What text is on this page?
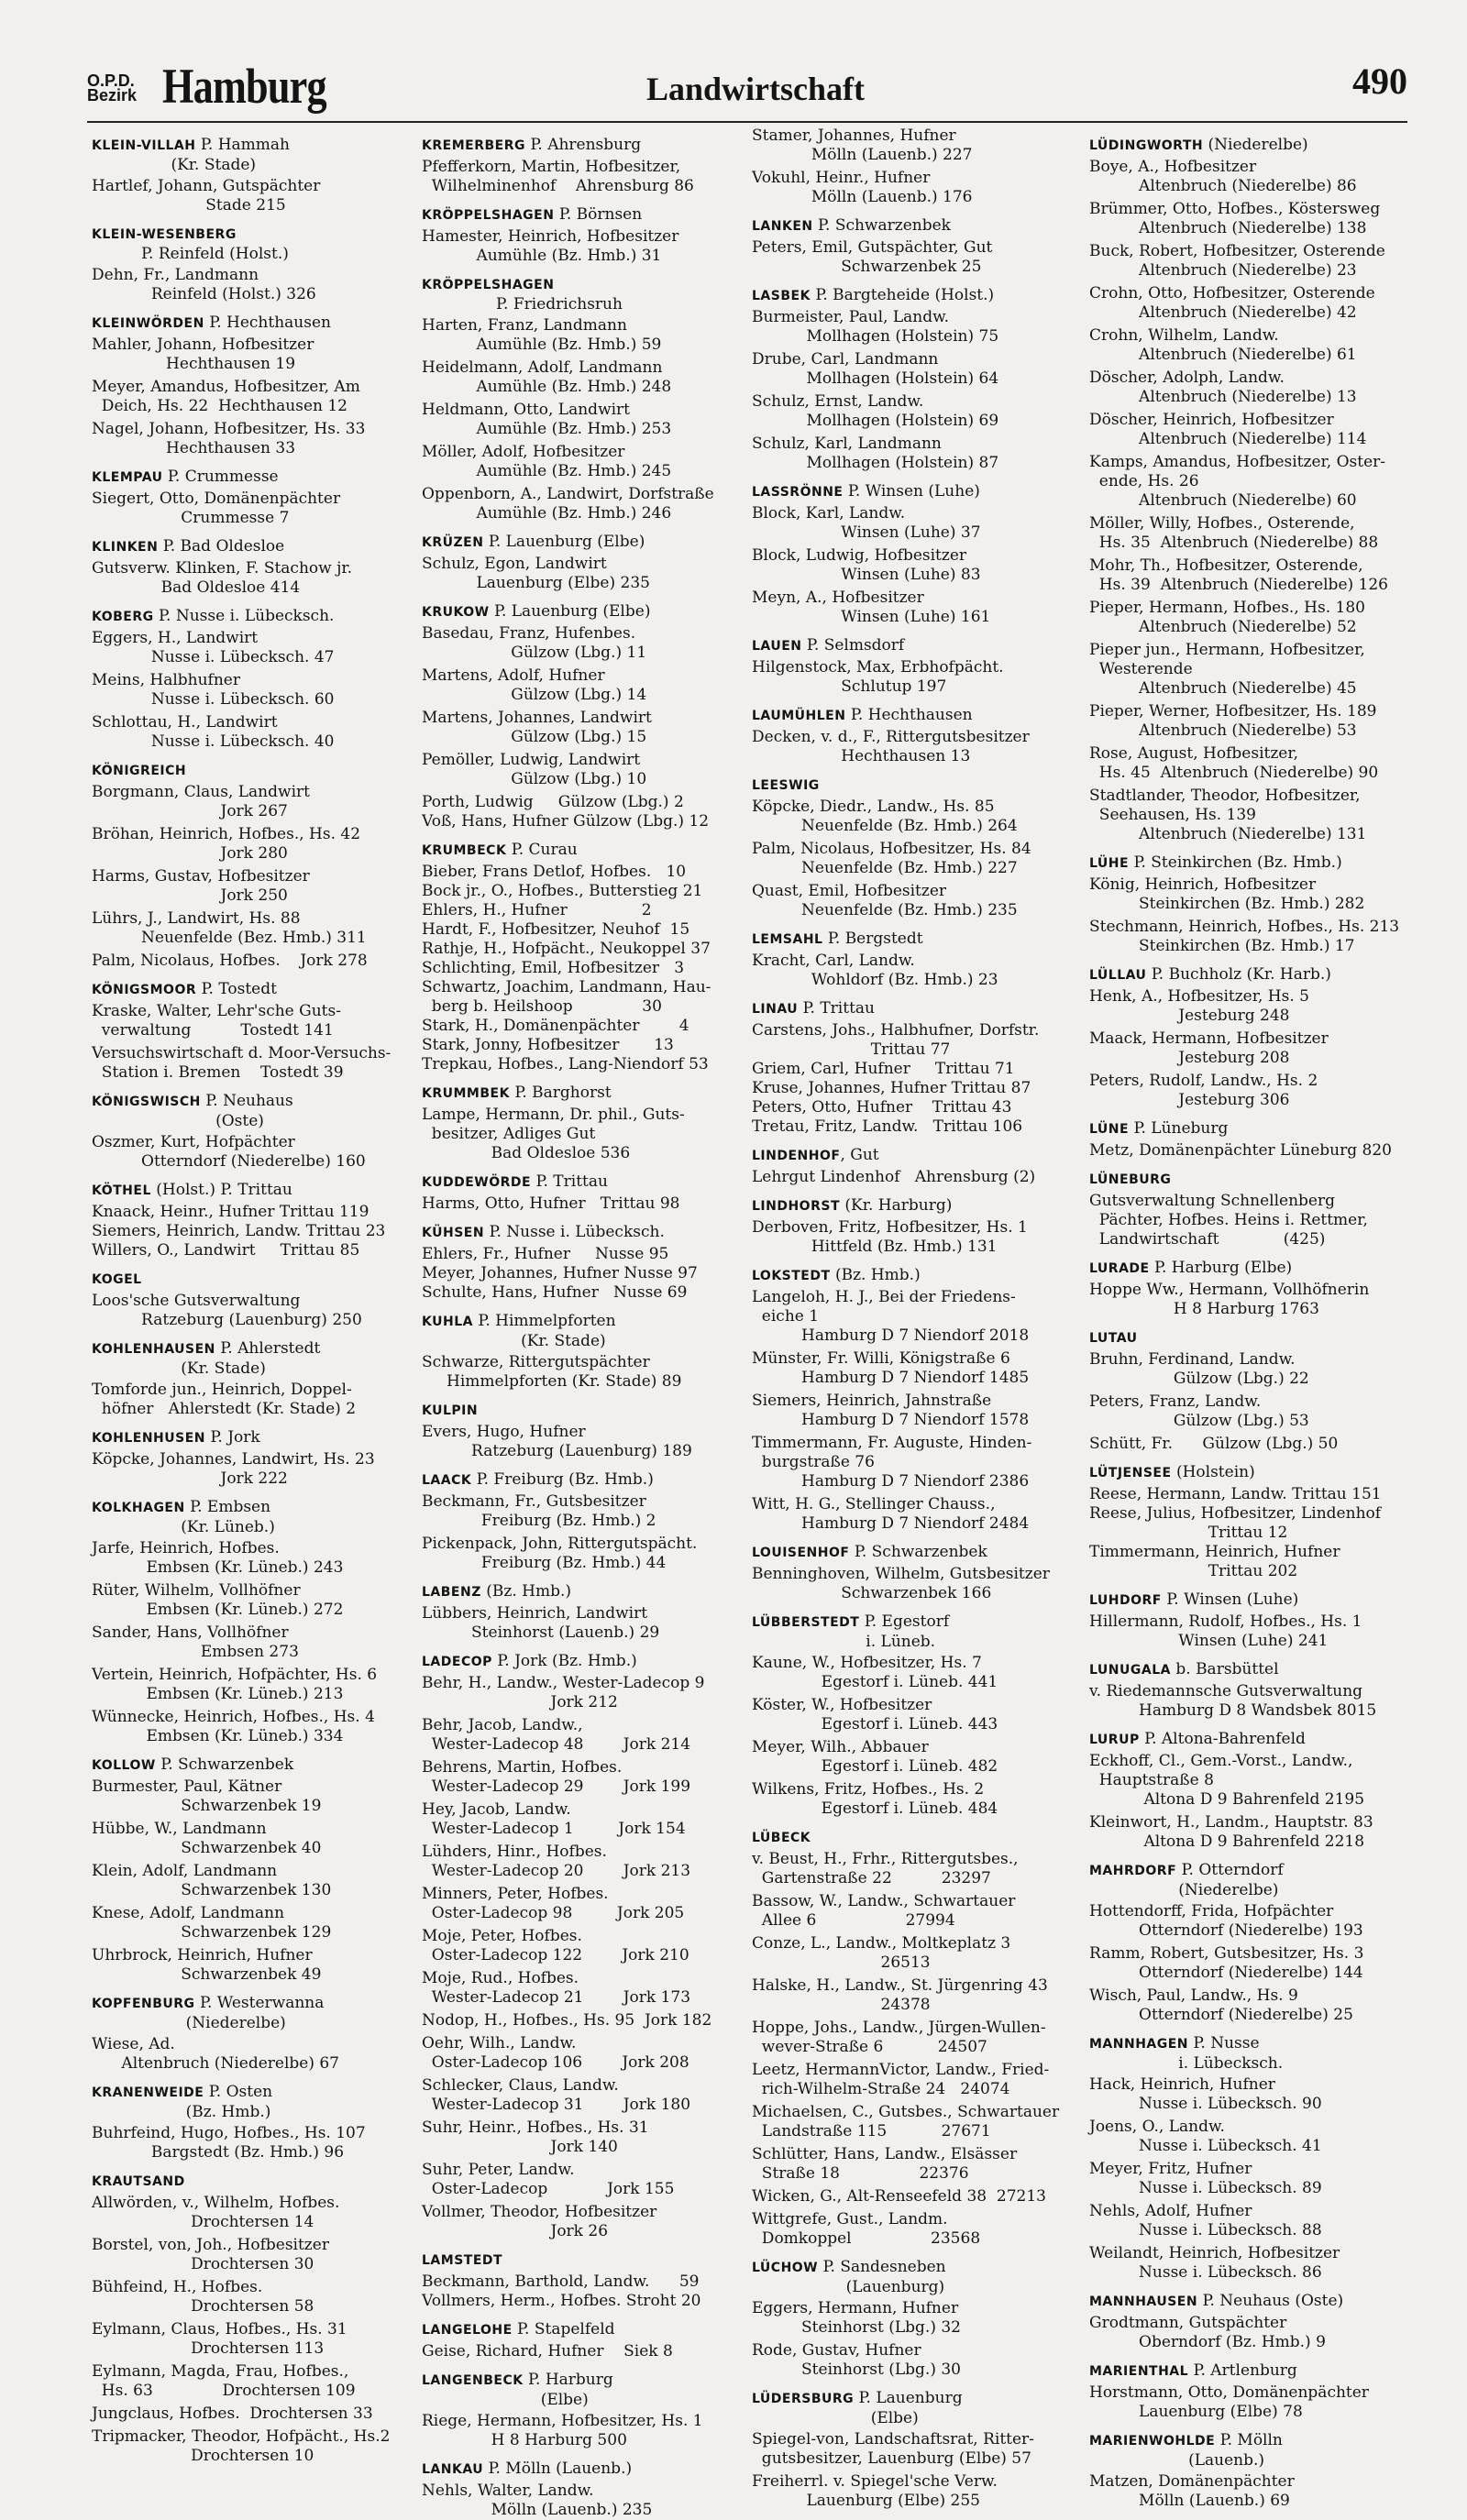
O.P.D.
Bezirk Hamburg	Landwirtschaft	490
KLEIN-VILLAH P. Hammah
(Kr. Stade)
Hartlef, Johann, Gutspächter
Stade 215
KLEIN-WESENBERG
P. Reinfeld (Holst.)
Dehn, Fr., Landmann
Reinfeld (Holst.) 326
KLEINWÖRDEN P. Hechthausen
Mahler, Johann, Hofbesitzer
Hechthausen 19
Meyer, Amandus, Hofbesitzer, Am
Deich, Hs. 22  Hechthausen 12
Nagel, Johann, Hofbesitzer, Hs. 33
Hechthausen 33
KLEMPAU P. Crummesse
Siegert, Otto, Domänenpächter
Crummesse 7
KLINKEN P. Bad Oldesloe
Gutsverw. Klinken, F. Stachow jr.
Bad Oldesloe 414
KOBERG P. Nusse i. Lübecksch.
Eggers, H., Landwirt
Nusse i. Lübecksch. 47
Meins, Halbhufner
Nusse i. Lübecksch. 60
Schlottau, H., Landwirt
Nusse i. Lübecksch. 40
KÖNIGREICH
Borgmann, Claus, Landwirt
Jork 267
Bröhan, Heinrich, Hofbes., Hs. 42
Jork 280
Harms, Gustav, Hofbesitzer
Jork 250
Lührs, J., Landwirt, Hs. 88
Neuenfelde (Bez. Hmb.) 311
Palm, Nicolaus, Hofbes.    Jork 278
KÖNIGSMOOR P. Tostedt
Kraske, Walter, Lehr'sche Guts-
verwaltung          Tostedt 141
Versuchswirtschaft d. Moor-Versuchs-
Station i. Bremen    Tostedt 39
KÖNIGSWISCH P. Neuhaus
(Oste)
Oszmer, Kurt, Hofpächter
Otterndorf (Niederelbe) 160
KÖTHEL (Holst.) P. Trittau
Knaack, Heinr., Hufner Trittau 119
Siemers, Heinrich, Landw. Trittau 23
Willers, O., Landwirt     Trittau 85
KOGEL
Loos'sche Gutsverwaltung
Ratzeburg (Lauenburg) 250
KOHLENHAUSEN P. Ahlerstedt
(Kr. Stade)
Tomforde jun., Heinrich, Doppel-
höfner   Ahlerstedt (Kr. Stade) 2
KOHLENHUSEN P. Jork
Köpcke, Johannes, Landwirt, Hs. 23
Jork 222
KOLKHAGEN P. Embsen
(Kr. Lüneb.)
Jarfe, Heinrich, Hofbes.
Embsen (Kr. Lüneb.) 243
Rüter, Wilhelm, Vollhöfner
Embsen (Kr. Lüneb.) 272
Sander, Hans, Vollhöfner
Embsen 273
Vertein, Heinrich, Hofpächter, Hs. 6
Embsen (Kr. Lüneb.) 213
Wünnecke, Heinrich, Hofbes., Hs. 4
Embsen (Kr. Lüneb.) 334
KOLLOW P. Schwarzenbek
Burmester, Paul, Kätner
Schwarzenbek 19
Hübbe, W., Landmann
Schwarzenbek 40
Klein, Adolf, Landmann
Schwarzenbek 130
Knese, Adolf, Landmann
Schwarzenbek 129
Uhrbrock, Heinrich, Hufner
Schwarzenbek 49
KOPFENBURG P. Westerwanna
(Niederelbe)
Wiese, Ad.
Altenbruch (Niederelbe) 67
KRANENWEIDE P. Osten
(Bz. Hmb.)
Buhrfeind, Hugo, Hofbes., Hs. 107
Bargstedt (Bz. Hmb.) 96
KRAUTSAND
Allwörden, v., Wilhelm, Hofbes.
Drochtersen 14
Borstel, von, Joh., Hofbesitzer
Drochtersen 30
Bühfeind, H., Hofbes.
Drochtersen 58
Eylmann, Claus, Hofbes., Hs. 31
Drochtersen 113
Eylmann, Magda, Frau, Hofbes.,
Hs. 63              Drochtersen 109
Jungclaus, Hofbes.  Drochtersen 33
Tripmacker, Theodor, Hofpächt., Hs.2
Drochtersen 10
KREMERBERG P. Ahrensburg
Pfefferkorn, Martin, Hofbesitzer,
Wilhelminenhof    Ahrensburg 86
KRÖPPELSHAGEN P. Börnsen
Hamester, Heinrich, Hofbesitzer
Aumühle (Bz. Hmb.) 31
KRÖPPELSHAGEN
P. Friedrichsruh
Harten, Franz, Landmann
Aumühle (Bz. Hmb.) 59
Heidelmann, Adolf, Landmann
Aumühle (Bz. Hmb.) 248
Heldmann, Otto, Landwirt
Aumühle (Bz. Hmb.) 253
Möller, Adolf, Hofbesitzer
Aumühle (Bz. Hmb.) 245
Oppenborn, A., Landwirt, Dorfstraße
Aumühle (Bz. Hmb.) 246
KRÜZEN P. Lauenburg (Elbe)
Schulz, Egon, Landwirt
Lauenburg (Elbe) 235
KRUKOW P. Lauenburg (Elbe)
Basedau, Franz, Hufenbes.
Gülzow (Lbg.) 11
Martens, Adolf, Hufner
Gülzow (Lbg.) 14
Martens, Johannes, Landwirt
Gülzow (Lbg.) 15
Pemöller, Ludwig, Landwirt
Gülzow (Lbg.) 10
Porth, Ludwig     Gülzow (Lbg.) 2
Voß, Hans, Hufner Gülzow (Lbg.) 12
KRUMBECK P. Curau
Bieber, Frans Detlof, Hofbes.   10
Bock jr., O., Hofbes., Butterstieg 21
Ehlers, H., Hufner               2
Hardt, F., Hofbesitzer, Neuhof  15
Rathje, H., Hofpächt., Neukoppel 37
Schlichting, Emil, Hofbesitzer   3
Schwartz, Joachim, Landmann, Hau-
berg b. Heilshoop              30
Stark, H., Domänenpächter        4
Stark, Jonny, Hofbesitzer       13
Trepkau, Hofbes., Lang-Niendorf 53
KRUMMBEK P. Barghorst
Lampe, Hermann, Dr. phil., Guts-
besitzer, Adliges Gut
Bad Oldesloe 536
KUDDEWÖRDE P. Trittau
Harms, Otto, Hufner   Trittau 98
KÜHSEN P. Nusse i. Lübecksch.
Ehlers, Fr., Hufner     Nusse 95
Meyer, Johannes, Hufner Nusse 97
Schulte, Hans, Hufner   Nusse 69
KUHLA P. Himmelpforten
(Kr. Stade)
Schwarze, Rittergutspächter
Himmelpforten (Kr. Stade) 89
KULPIN
Evers, Hugo, Hufner
Ratzeburg (Lauenburg) 189
LAACK P. Freiburg (Bz. Hmb.)
Beckmann, Fr., Gutsbesitzer
Freiburg (Bz. Hmb.) 2
Pickenpack, John, Rittergutspächt.
Freiburg (Bz. Hmb.) 44
LABENZ (Bz. Hmb.)
Lübbers, Heinrich, Landwirt
Steinhorst (Lauenb.) 29
LADECOP P. Jork (Bz. Hmb.)
Behr, H., Landw., Wester-Ladecop 9
Jork 212
Behr, Jacob, Landw.,
Wester-Ladecop 48        Jork 214
Behrens, Martin, Hofbes.
Wester-Ladecop 29        Jork 199
Hey, Jacob, Landw.
Wester-Ladecop 1         Jork 154
Lühders, Hinr., Hofbes.
Wester-Ladecop 20        Jork 213
Minners, Peter, Hofbes.
Oster-Ladecop 98         Jork 205
Moje, Peter, Hofbes.
Oster-Ladecop 122        Jork 210
Moje, Rud., Hofbes.
Wester-Ladecop 21        Jork 173
Nodop, H., Hofbes., Hs. 95  Jork 182
Oehr, Wilh., Landw.
Oster-Ladecop 106        Jork 208
Schlecker, Claus, Landw.
Wester-Ladecop 31        Jork 180
Suhr, Heinr., Hofbes., Hs. 31
Jork 140
Suhr, Peter, Landw.
Oster-Ladecop            Jork 155
Vollmer, Theodor, Hofbesitzer
Jork 26
LAMSTEDT
Beckmann, Barthold, Landw.      59
Vollmers, Herm., Hofbes. Stroht 20
LANGELOHE P. Stapelfeld
Geise, Richard, Hufner    Siek 8
LANGENBECK P. Harburg
(Elbe)
Riege, Hermann, Hofbesitzer, Hs. 1
H 8 Harburg 500
LANKAU P. Mölln (Lauenb.)
Nehls, Walter, Landw.
Mölln (Lauenb.) 235
Stamer, Johannes, Hufner
Mölln (Lauenb.) 227
Vokuhl, Heinr., Hufner
Mölln (Lauenb.) 176
LANKEN P. Schwarzenbek
Peters, Emil, Gutspächter, Gut
Schwarzenbek 25
LASBEK P. Bargteheide (Holst.)
Burmeister, Paul, Landw.
Mollhagen (Holstein) 75
Drube, Carl, Landmann
Mollhagen (Holstein) 64
Schulz, Ernst, Landw.
Mollhagen (Holstein) 69
Schulz, Karl, Landmann
Mollhagen (Holstein) 87
LASSRÖNNE P. Winsen (Luhe)
Block, Karl, Landw.
Winsen (Luhe) 37
Block, Ludwig, Hofbesitzer
Winsen (Luhe) 83
Meyn, A., Hofbesitzer
Winsen (Luhe) 161
LAUEN P. Selmsdorf
Hilgenstock, Max, Erbhofpächt.
Schlutup 197
LAUMÜHLEN P. Hechthausen
Decken, v. d., F., Rittergutsbesitzer
Hechthausen 13
LEESWIG
Köpcke, Diedr., Landw., Hs. 85
Neuenfelde (Bz. Hmb.) 264
Palm, Nicolaus, Hofbesitzer, Hs. 84
Neuenfelde (Bz. Hmb.) 227
Quast, Emil, Hofbesitzer
Neuenfelde (Bz. Hmb.) 235
LEMSAHL P. Bergstedt
Kracht, Carl, Landw.
Wohldorf (Bz. Hmb.) 23
LINAU P. Trittau
Carstens, Johs., Halbhufner, Dorfstr.
Trittau 77
Griem, Carl, Hufner     Trittau 71
Kruse, Johannes, Hufner Trittau 87
Peters, Otto, Hufner    Trittau 43
Tretau, Fritz, Landw.   Trittau 106
LINDENHOF, Gut
Lehrgut Lindenhof   Ahrensburg (2)
LINDHORST (Kr. Harburg)
Derboven, Fritz, Hofbesitzer, Hs. 1
Hittfeld (Bz. Hmb.) 131
LOKSTEDT (Bz. Hmb.)
Langeloh, H. J., Bei der Friedens-
eiche 1
Hamburg D 7 Niendorf 2018
Münster, Fr. Willi, Königstraße 6
Hamburg D 7 Niendorf 1485
Siemers, Heinrich, Jahnstraße
Hamburg D 7 Niendorf 1578
Timmermann, Fr. Auguste, Hinden-
burgstraße 76
Hamburg D 7 Niendorf 2386
Witt, H. G., Stellinger Chauss.,
Hamburg D 7 Niendorf 2484
LOUISENHOF P. Schwarzenbek
Benninghoven, Wilhelm, Gutsbesitzer
Schwarzenbek 166
LÜBBERSTEDT P. Egestorf
i. Lüneb.
Kaune, W., Hofbesitzer, Hs. 7
Egestorf i. Lüneb. 441
Köster, W., Hofbesitzer
Egestorf i. Lüneb. 443
Meyer, Wilh., Abbauer
Egestorf i. Lüneb. 482
Wilkens, Fritz, Hofbes., Hs. 2
Egestorf i. Lüneb. 484
LÜBECK
v. Beust, H., Frhr., Rittergutsbes.,
Gartenstraße 22          23297
Bassow, W., Landw., Schwartauer
Allee 6                  27994
Conze, L., Landw., Moltkeplatz 3
26513
Halske, H., Landw., St. Jürgenring 43
24378
Hoppe, Johs., Landw., Jürgen-Wullen-
wever-Straße 6           24507
Leetz, HermannVictor, Landw., Fried-
rich-Wilhelm-Straße 24   24074
Michaelsen, C., Gutsbes., Schwartauer
Landstraße 115           27671
Schlütter, Hans, Landw., Elsässer
Straße 18                22376
Wicken, G., Alt-Renseefeld 38  27213
Wittgrefe, Gust., Landm.
Domkoppel                23568
LÜCHOW P. Sandesneben
(Lauenburg)
Eggers, Hermann, Hufner
Steinhorst (Lbg.) 32
Rode, Gustav, Hufner
Steinhorst (Lbg.) 30
LÜDERSBURG P. Lauenburg
(Elbe)
Spiegel-von, Landschaftsrat, Ritter-
gutsbesitzer, Lauenburg (Elbe) 57
Freiherrl. v. Spiegel'sche Verw.
Lauenburg (Elbe) 255
LÜDINGWORTH (Niederelbe)
Boye, A., Hofbesitzer
Altenbruch (Niederelbe) 86
Brümmer, Otto, Hofbes., Köstersweg
Altenbruch (Niederelbe) 138
Buck, Robert, Hofbesitzer, Osterende
Altenbruch (Niederelbe) 23
Crohn, Otto, Hofbesitzer, Osterende
Altenbruch (Niederelbe) 42
Crohn, Wilhelm, Landw.
Altenbruch (Niederelbe) 61
Döscher, Adolph, Landw.
Altenbruch (Niederelbe) 13
Döscher, Heinrich, Hofbesitzer
Altenbruch (Niederelbe) 114
Kamps, Amandus, Hofbesitzer, Oster-
ende, Hs. 26
Altenbruch (Niederelbe) 60
Möller, Willy, Hofbes., Osterende,
Hs. 35  Altenbruch (Niederelbe) 88
Mohr, Th., Hofbesitzer, Osterende,
Hs. 39  Altenbruch (Niederelbe) 126
Pieper, Hermann, Hofbes., Hs. 180
Altenbruch (Niederelbe) 52
Pieper jun., Hermann, Hofbesitzer,
Westerende
Altenbruch (Niederelbe) 45
Pieper, Werner, Hofbesitzer, Hs. 189
Altenbruch (Niederelbe) 53
Rose, August, Hofbesitzer,
Hs. 45  Altenbruch (Niederelbe) 90
Stadtlander, Theodor, Hofbesitzer,
Seehausen, Hs. 139
Altenbruch (Niederelbe) 131
LÜHE P. Steinkirchen (Bz. Hmb.)
König, Heinrich, Hofbesitzer
Steinkirchen (Bz. Hmb.) 282
Stechmann, Heinrich, Hofbes., Hs. 213
Steinkirchen (Bz. Hmb.) 17
LÜLLAU P. Buchholz (Kr. Harb.)
Henk, A., Hofbesitzer, Hs. 5
Jesteburg 248
Maack, Hermann, Hofbesitzer
Jesteburg 208
Peters, Rudolf, Landw., Hs. 2
Jesteburg 306
LÜNE P. Lüneburg
Metz, Domänenpächter Lüneburg 820
LÜNEBURG
Gutsverwaltung Schnellenberg
Pächter, Hofbes. Heins i. Rettmer,
Landwirtschaft             (425)
LURADE P. Harburg (Elbe)
Hoppe Ww., Hermann, Vollhöfnerin
H 8 Harburg 1763
LUTAU
Bruhn, Ferdinand, Landw.
Gülzow (Lbg.) 22
Peters, Franz, Landw.
Gülzow (Lbg.) 53
Schütt, Fr.      Gülzow (Lbg.) 50
LÜTJENSEE (Holstein)
Reese, Hermann, Landw. Trittau 151
Reese, Julius, Hofbesitzer, Lindenhof
Trittau 12
Timmermann, Heinrich, Hufner
Trittau 202
LUHDORF P. Winsen (Luhe)
Hillermann, Rudolf, Hofbes., Hs. 1
Winsen (Luhe) 241
LUNUGALA b. Barsbüttel
v. Riedemannsche Gutsverwaltung
Hamburg D 8 Wandsbek 8015
LURUP P. Altona-Bahrenfeld
Eckhoff, Cl., Gem.-Vorst., Landw.,
Hauptstraße 8
Altona D 9 Bahrenfeld 2195
Kleinwort, H., Landm., Hauptstr. 83
Altona D 9 Bahrenfeld 2218
MAHRDORF P. Otterndorf
(Niederelbe)
Hottendorff, Frida, Hofpächter
Otterndorf (Niederelbe) 193
Ramm, Robert, Gutsbesitzer, Hs. 3
Otterndorf (Niederelbe) 144
Wisch, Paul, Landw., Hs. 9
Otterndorf (Niederelbe) 25
MANNHAGEN P. Nusse
i. Lübecksch.
Hack, Heinrich, Hufner
Nusse i. Lübecksch. 90
Joens, O., Landw.
Nusse i. Lübecksch. 41
Meyer, Fritz, Hufner
Nusse i. Lübecksch. 89
Nehls, Adolf, Hufner
Nusse i. Lübecksch. 88
Weilandt, Heinrich, Hofbesitzer
Nusse i. Lübecksch. 86
MANNHAUSEN P. Neuhaus (Oste)
Grodtmann, Gutspächter
Oberndorf (Bz. Hmb.) 9
MARIENTHAL P. Artlenburg
Horstmann, Otto, Domänenpächter
Lauenburg (Elbe) 78
MARIENWOHLDE P. Mölln
(Lauenb.)
Matzen, Domänenpächter
Mölln (Lauenb.) 69
